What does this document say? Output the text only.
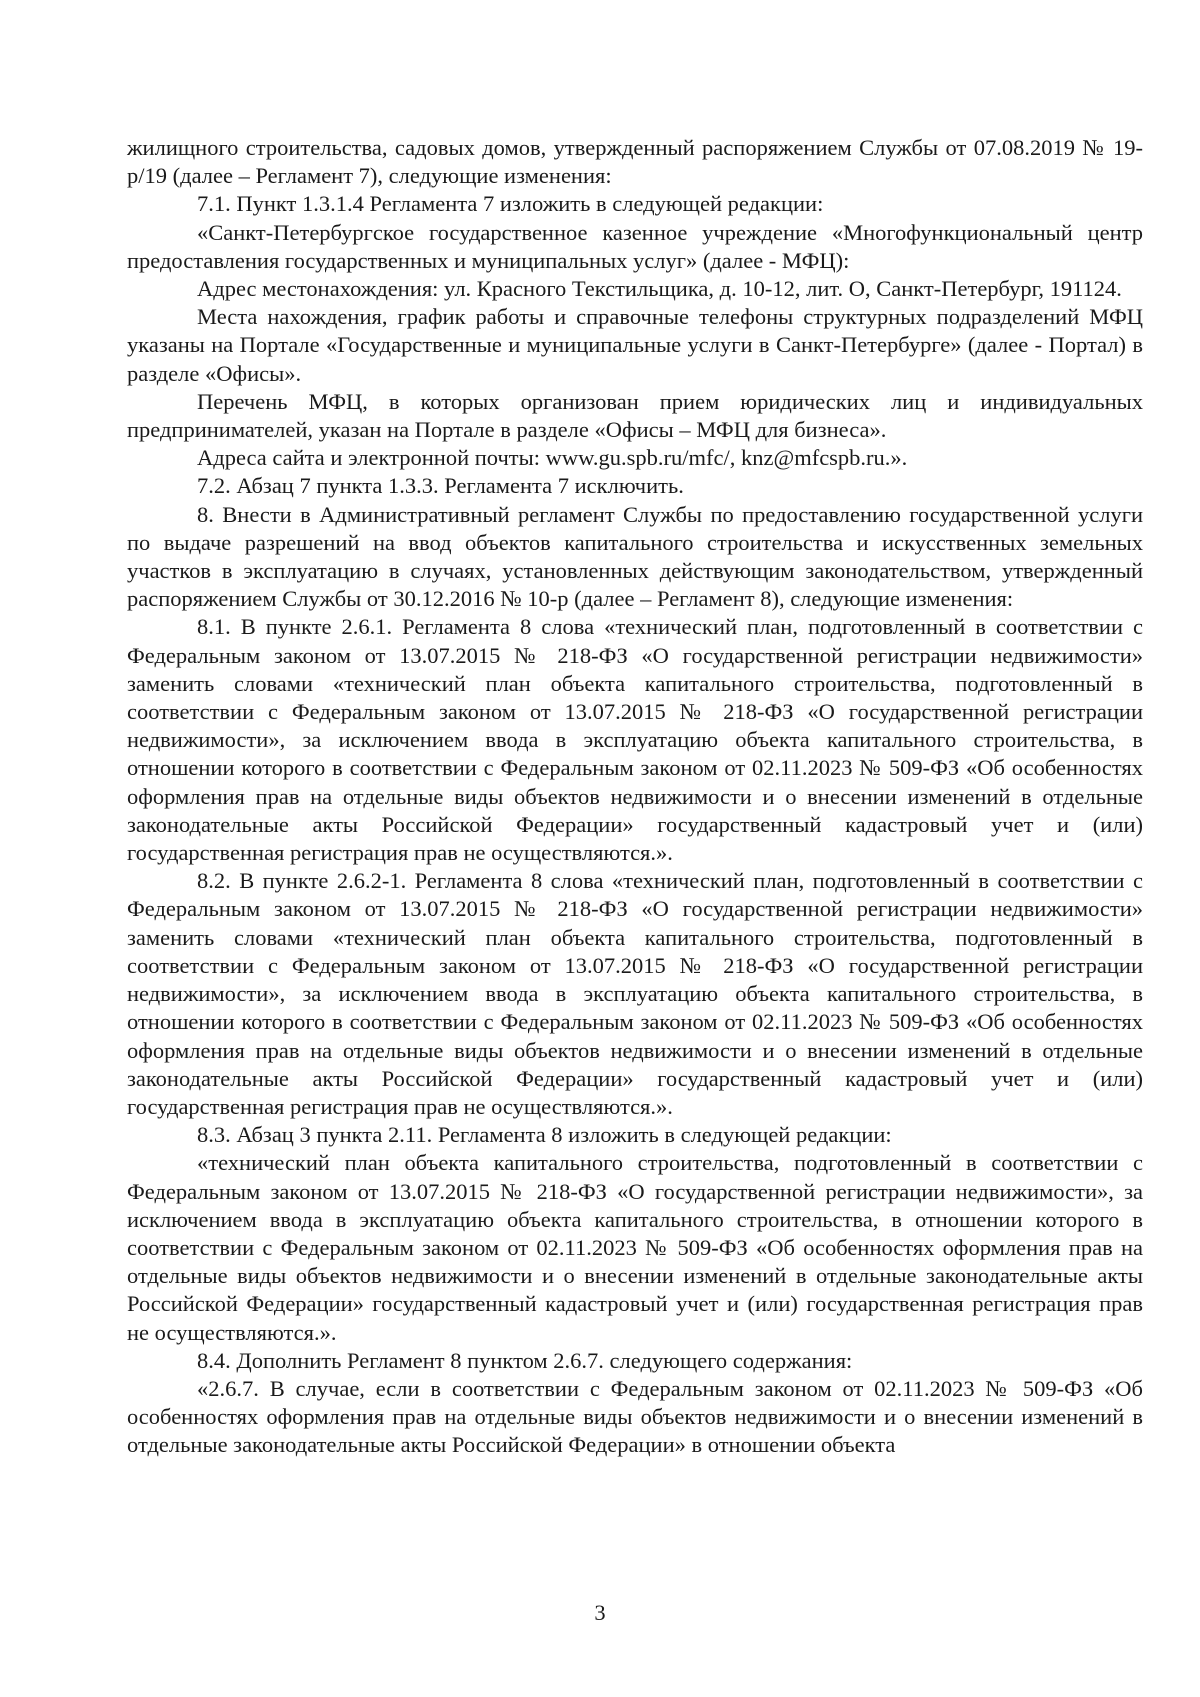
жилищного строительства, садовых домов, утвержденный распоряжением Службы от 07.08.2019 № 19-р/19 (далее – Регламент 7), следующие изменения:

7.1. Пункт 1.3.1.4 Регламента 7 изложить в следующей редакции:

«Санкт-Петербургское государственное казенное учреждение «Многофункциональный центр предоставления государственных и муниципальных услуг» (далее - МФЦ):

Адрес местонахождения: ул. Красного Текстильщика, д. 10-12, лит. О, Санкт-Петербург, 191124.

Места нахождения, график работы и справочные телефоны структурных подразделений МФЦ указаны на Портале «Государственные и муниципальные услуги в Санкт-Петербурге» (далее - Портал) в разделе «Офисы».

Перечень МФЦ, в которых организован прием юридических лиц и индивидуальных предпринимателей, указан на Портале в разделе «Офисы – МФЦ для бизнеса».

Адреса сайта и электронной почты: www.gu.spb.ru/mfc/, knz@mfcspb.ru.».

7.2. Абзац 7 пункта 1.3.3. Регламента 7 исключить.

8. Внести в Административный регламент Службы по предоставлению государственной услуги по выдаче разрешений на ввод объектов капитального строительства и искусственных земельных участков в эксплуатацию в случаях, установленных действующим законодательством, утвержденный распоряжением Службы от 30.12.2016 № 10-р (далее – Регламент 8), следующие изменения:

8.1. В пункте 2.6.1. Регламента 8 слова «технический план, подготовленный в соответствии с Федеральным законом от 13.07.2015 № 218-ФЗ «О государственной регистрации недвижимости» заменить словами «технический план объекта капитального строительства, подготовленный в соответствии с Федеральным законом от 13.07.2015 № 218-ФЗ «О государственной регистрации недвижимости», за исключением ввода в эксплуатацию объекта капитального строительства, в отношении которого в соответствии с Федеральным законом от 02.11.2023 № 509-ФЗ «Об особенностях оформления прав на отдельные виды объектов недвижимости и о внесении изменений в отдельные законодательные акты Российской Федерации» государственный кадастровый учет и (или) государственная регистрация прав не осуществляются.».

8.2. В пункте 2.6.2-1. Регламента 8 слова «технический план, подготовленный в соответствии с Федеральным законом от 13.07.2015 № 218-ФЗ «О государственной регистрации недвижимости» заменить словами «технический план объекта капитального строительства, подготовленный в соответствии с Федеральным законом от 13.07.2015 № 218-ФЗ «О государственной регистрации недвижимости», за исключением ввода в эксплуатацию объекта капитального строительства, в отношении которого в соответствии с Федеральным законом от 02.11.2023 № 509-ФЗ «Об особенностях оформления прав на отдельные виды объектов недвижимости и о внесении изменений в отдельные законодательные акты Российской Федерации» государственный кадастровый учет и (или) государственная регистрация прав не осуществляются.».

8.3. Абзац 3 пункта 2.11. Регламента 8 изложить в следующей редакции:

«технический план объекта капитального строительства, подготовленный в соответствии с Федеральным законом от 13.07.2015 № 218-ФЗ «О государственной регистрации недвижимости», за исключением ввода в эксплуатацию объекта капитального строительства, в отношении которого в соответствии с Федеральным законом от 02.11.2023 № 509-ФЗ «Об особенностях оформления прав на отдельные виды объектов недвижимости и о внесении изменений в отдельные законодательные акты Российской Федерации» государственный кадастровый учет и (или) государственная регистрация прав не осуществляются.».

8.4. Дополнить Регламент 8 пунктом 2.6.7. следующего содержания:

«2.6.7. В случае, если в соответствии с Федеральным законом от 02.11.2023 № 509-ФЗ «Об особенностях оформления прав на отдельные виды объектов недвижимости и о внесении изменений в отдельные законодательные акты Российской Федерации» в отношении объекта

3
